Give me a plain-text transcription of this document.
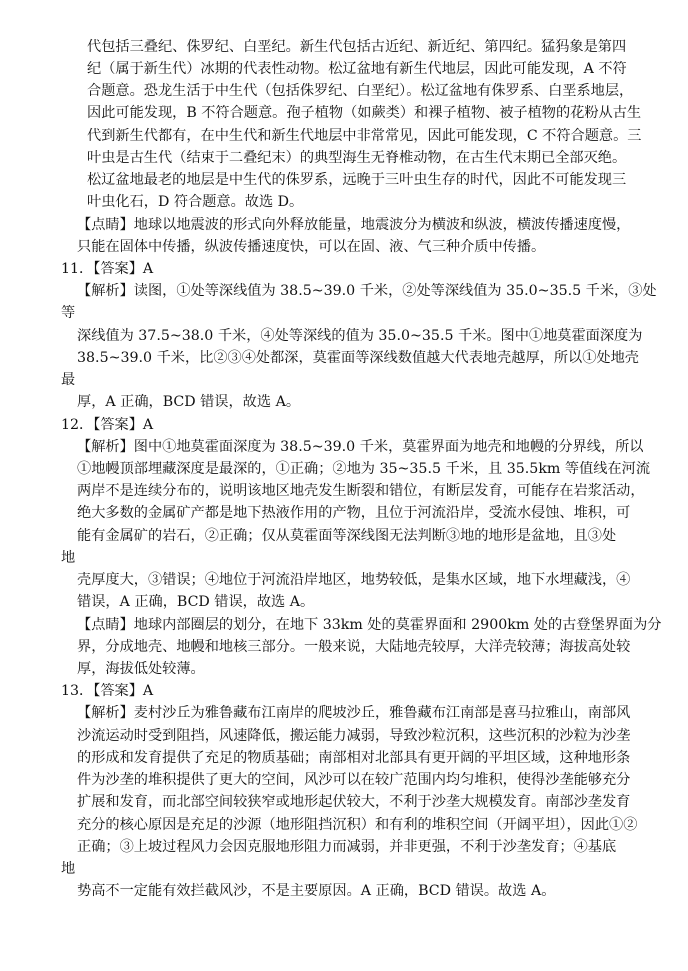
代包括三叠纪、侏罗纪、白垩纪。新生代包括古近纪、新近纪、第四纪。猛犸象是第四
纪（属于新生代）冰期的代表性动物。松辽盆地有新生代地层，因此可能发现，A 不符
合题意。恐龙生活于中生代（包括侏罗纪、白垩纪）。松辽盆地有侏罗系、白垩系地层，
因此可能发现，B 不符合题意。孢子植物（如蕨类）和裸子植物、被子植物的花粉从古生
代到新生代都有，在中生代和新生代地层中非常常见，因此可能发现，C 不符合题意。三
叶虫是古生代（结束于二叠纪末）的典型海生无脊椎动物，在古生代末期已全部灭绝。
松辽盆地最老的地层是中生代的侏罗系，远晚于三叶虫生存的时代，因此不可能发现三
叶虫化石，D 符合题意。故选 D。
【点睛】地球以地震波的形式向外释放能量，地震波分为横波和纵波，横波传播速度慢，
只能在固体中传播，纵波传播速度快，可以在固、液、气三种介质中传播。
11．【答案】A
【解析】读图，①处等深线值为 38.5~39.0 千米，②处等深线值为 35.0~35.5 千米，③处
等
深线值为 37.5~38.0 千米，④处等深线的值为 35.0~35.5 千米。图中①地莫霍面深度为
38.5~39.0 千米，比②③④处都深，莫霍面等深线数值越大代表地壳越厚，所以①处地壳
最
厚，A 正确，BCD 错误，故选 A。
12．【答案】A
【解析】图中①地莫霍面深度为 38.5~39.0 千米，莫霍界面为地壳和地幔的分界线，所以
①地幔顶部埋藏深度是最深的，①正确；②地为 35~35.5 千米，且 35.5km 等值线在河流
两岸不是连续分布的，说明该地区地壳发生断裂和错位，有断层发育，可能存在岩浆活动，
绝大多数的金属矿产都是地下热液作用的产物，且位于河流沿岸，受流水侵蚀、堆积，可
能有金属矿的岩石，②正确；仅从莫霍面等深线图无法判断③地的地形是盆地，且③处
地
壳厚度大，③错误；④地位于河流沿岸地区，地势较低，是集水区域，地下水埋藏浅，④
错误，A 正确，BCD 错误，故选 A。
【点睛】地球内部圈层的划分，在地下 33km 处的莫霍界面和 2900km 处的古登堡界面为分
界，分成地壳、地幔和地核三部分。一般来说，大陆地壳较厚，大洋壳较薄；海拔高处较
厚，海拔低处较薄。
13．【答案】A
【解析】麦村沙丘为雅鲁藏布江南岸的爬坡沙丘，雅鲁藏布江南部是喜马拉雅山，南部风
沙流运动时受到阻挡，风速降低，搬运能力减弱，导致沙粒沉积，这些沉积的沙粒为沙垄
的形成和发育提供了充足的物质基础；南部相对北部具有更开阔的平坦区域，这种地形条
件为沙垄的堆积提供了更大的空间，风沙可以在较广范围内均匀堆积，使得沙垄能够充分
扩展和发育，而北部空间较狭窄或地形起伏较大，不利于沙垄大规模发育。南部沙垄发育
充分的核心原因是充足的沙源（地形阻挡沉积）和有利的堆积空间（开阔平坦），因此①②
正确；③上坡过程风力会因克服地形阻力而减弱，并非更强，不利于沙垄发育；④基底
地
势高不一定能有效拦截风沙，不是主要原因。A 正确，BCD 错误。故选 A。
